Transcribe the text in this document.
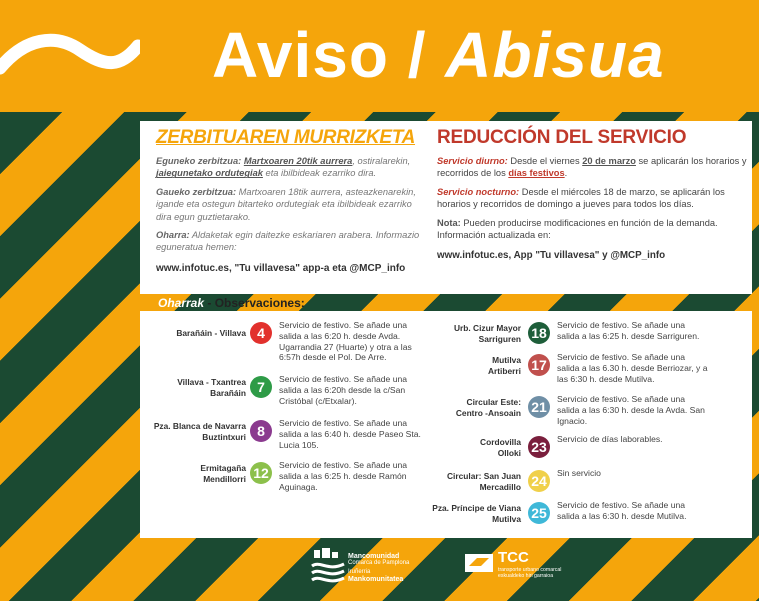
Aviso / Abisua
ZERBITUAREN MURRIZKETA
Eguneko zerbitzua: Martxoaren 20tik aurrera, ostiralarekin, jaiegunetako ordutegiak eta ibilbideak ezarriko dira.
Gaueko zerbitzua: Martxoaren 18tik aurrera, asteazkenarekin, igande eta ostegun bitarteko ordutegiak eta ibilbideak ezarriko dira egun guztietarako.
Oharra: Aldaketak egin daitezke eskariaren arabera. Informazio eguneratua hemen:
www.infotuc.es, "Tu villavesa" app-a eta @MCP_info
REDUCCIÓN DEL SERVICIO
Servicio diurno: Desde el viernes 20 de marzo se aplicarán los horarios y recorridos de los días festivos.
Servicio nocturno: Desde el miércoles 18 de marzo, se aplicarán los horarios y recorridos de domingo a jueves para todos los días.
Nota: Pueden producirse modificaciones en función de la demanda. Información actualizada en:
www.infotuc.es, App "Tu villavesa" y @MCP_info
Oharrak - Observaciones:
Barañáin - Villava 4	Servicio de festivo. Se añade una salida a las 6:20 h. desde Avda. Ugarrandia 27 (Huarte) y otra a las 6:57h desde el Pol. De Arre.
Villava - Txantrea
Barañáin 7	Servicio de festivo. Se añade una salida a las 6:20h desde la c/San Cristóbal (c/Etxalar).
Pza. Blanca de Navarra
Buztintxuri 8	Servicio de festivo. Se añade una salida a las 6:40 h. desde Paseo Sta. Lucia 105.
Ermitagaña
Mendillorri 12	Servicio de festivo. Se añade una salida a las 6:25 h. desde Ramón Aguinaga.
Urb. Cizur Mayor
Sarriguren 18	Servicio de festivo. Se añade una salida a las 6:25 h. desde Sarriguren.
Mutilva
Artiberri 17	Servicio de festivo. Se añade una salida a las 6.30 h. desde Berriozar, y a las 6:30 h. desde Mutilva.
Circular Este:
Centro -Ansoain 21	Servicio de festivo. Se añade una salida a las 6:30 h. desde la Avda. San Ignacio.
Cordovilla
Olloki 23	Servicio de días laborables.
Circular: San Juan
Mercadillo 24	Sin servicio
Pza. Príncipe de Viana
Mutilva 25	Servicio de festivo. Se añade una salida a las 6:30 h. desde Mutilva.
Mancomunidad
Comarca de Pamplona
Iruñerria
Mankomunitatea
TCC
transporte urbano comarcal
eskualdeko hiri garraioa
